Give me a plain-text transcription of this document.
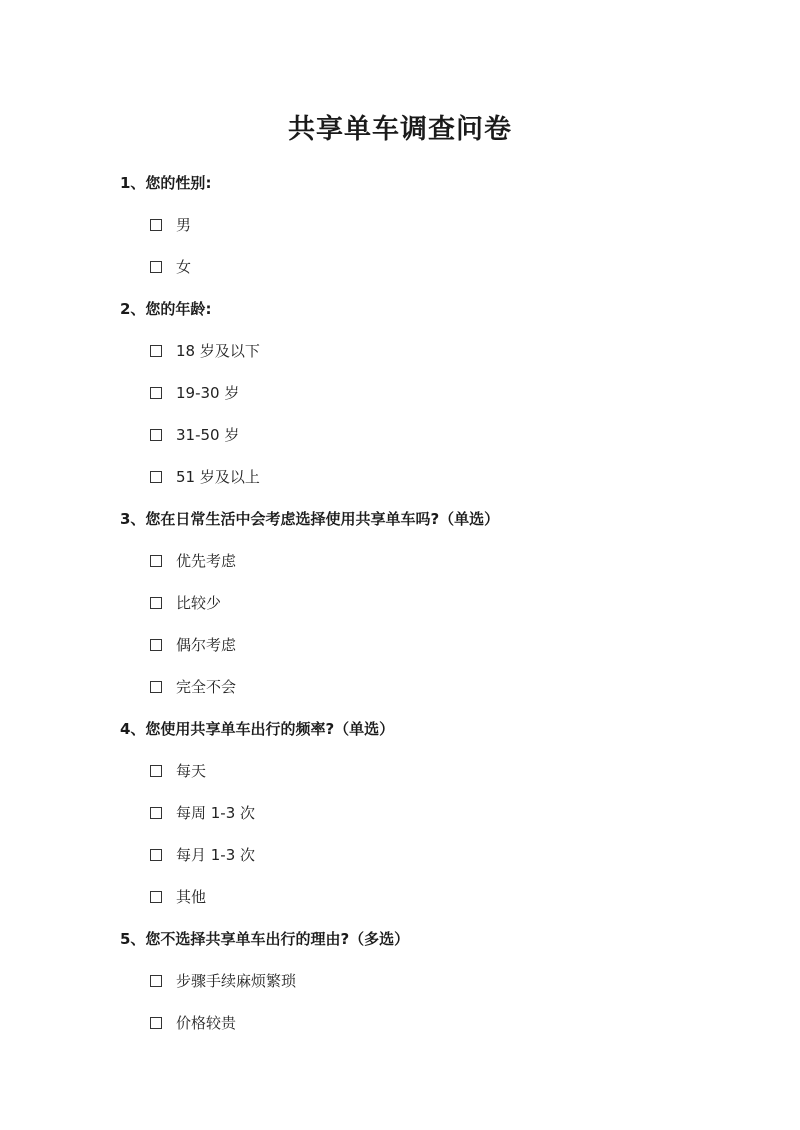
共享单车调查问卷
1、您的性别:
男
女
2、您的年龄:
18 岁及以下
19-30 岁
31-50 岁
51 岁及以上
3、您在日常生活中会考虑选择使用共享单车吗?（单选）
优先考虑
比较少
偶尔考虑
完全不会
4、您使用共享单车出行的频率?（单选）
每天
每周 1-3 次
每月 1-3 次
其他
5、您不选择共享单车出行的理由?（多选）
步骤手续麻烦繁琐
价格较贵
